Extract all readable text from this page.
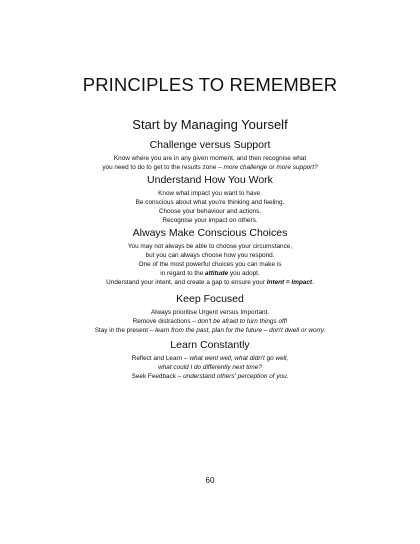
PRINCIPLES TO REMEMBER
Start by Managing Yourself
Challenge versus Support
Know where you are in any given moment, and then recognise what
you need to do to get to the results zone – more challenge or more support?
Understand How You Work
Know what impact you want to have.
Be conscious about what you're thinking and feeling.
Choose your behaviour and actions.
Recognise your impact on others.
Always Make Conscious Choices
You may not always be able to choose your circumstance,
but you can always choose how you respond.
One of the most powerful choices you can make is
in regard to the attitude you adopt.
Understand your intent, and create a gap to ensure your Intent = Impact.
Keep Focused
Always prioritise Urgent versus Important.
Remove distractions – don't be afraid to turn things off!
Stay in the present – learn from the past, plan for the future – don't dwell or worry.
Learn Constantly
Reflect and Learn – what went well, what didn't go well,
what could I do differently next time?
Seek Feedback – understand others' perception of you.
60
